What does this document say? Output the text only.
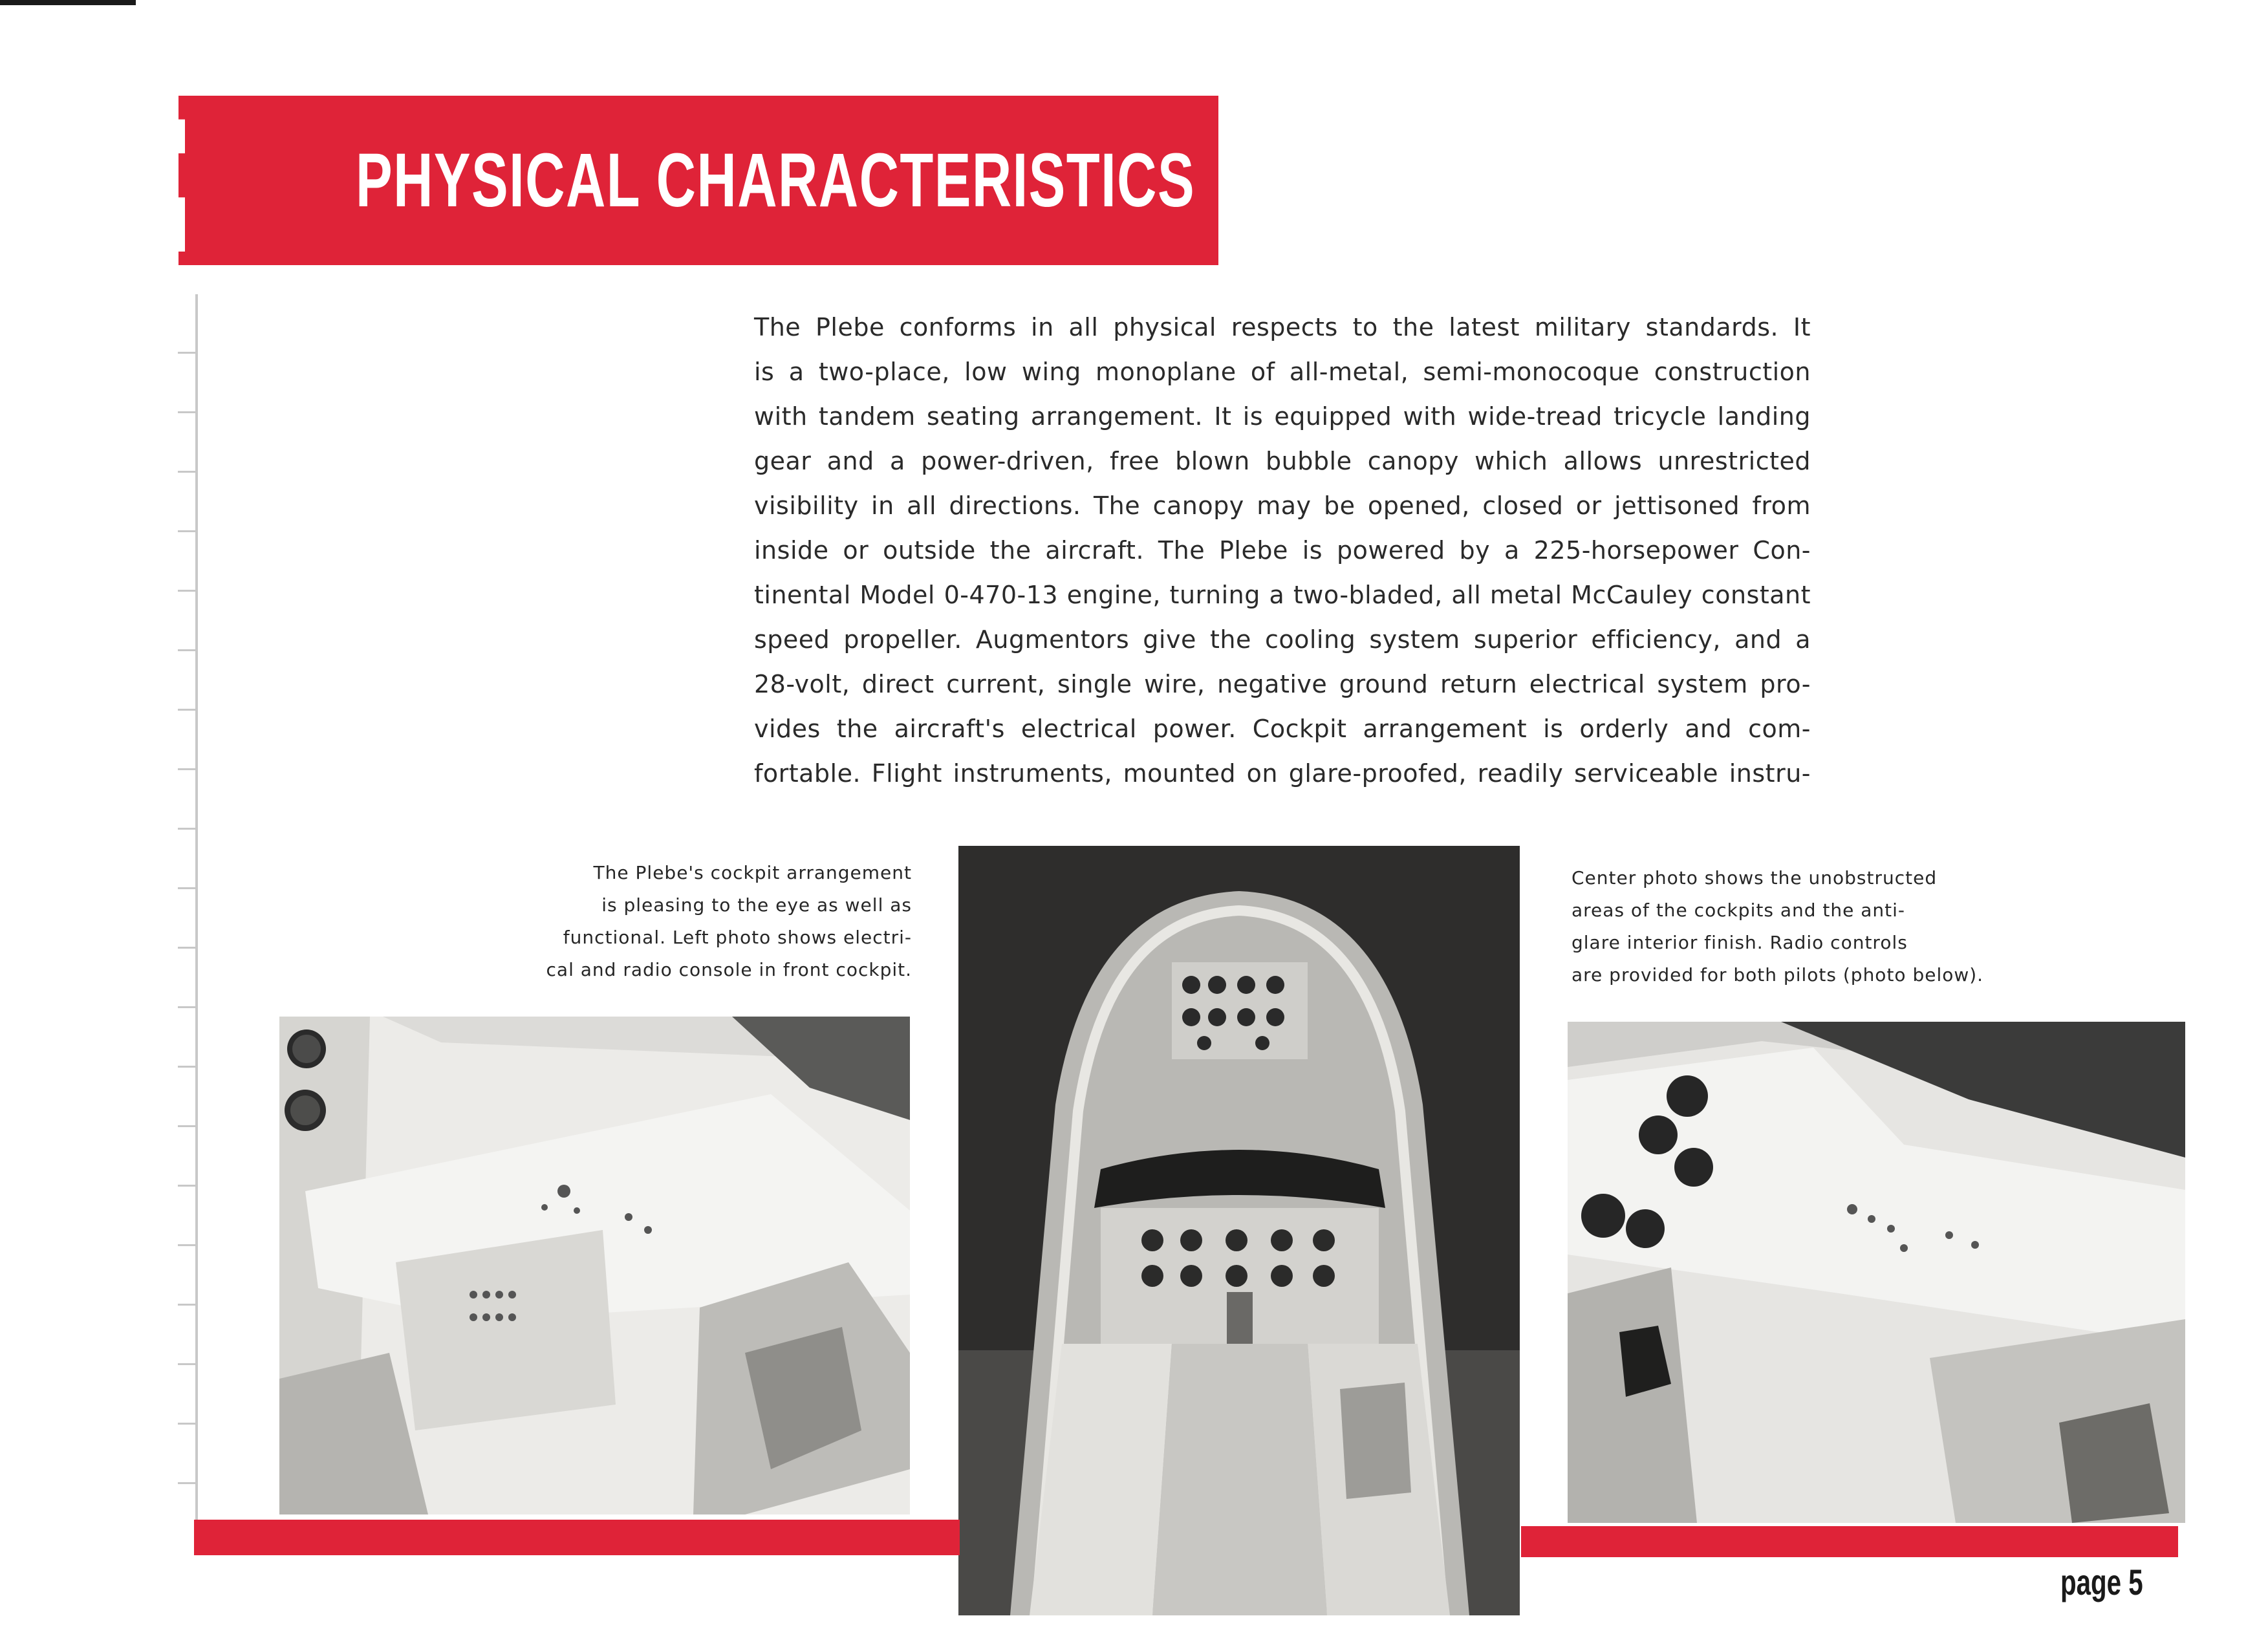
PHYSICAL CHARACTERISTICS
The Plebe conforms in all physical respects to the latest military standards. It
is a two-place, low wing monoplane of all-metal, semi-monocoque construction
with tandem seating arrangement. It is equipped with wide-tread tricycle landing
gear and a power-driven, free blown bubble canopy which allows unrestricted
visibility in all directions. The canopy may be opened, closed or jettisoned from
inside or outside the aircraft. The Plebe is powered by a 225-horsepower Con-
tinental Model 0-470-13 engine, turning a two-bladed, all metal McCauley constant
speed propeller. Augmentors give the cooling system superior efficiency, and a
28-volt, direct current, single wire, negative ground return electrical system pro-
vides the aircraft's electrical power. Cockpit arrangement is orderly and com-
fortable. Flight instruments, mounted on glare-proofed, readily serviceable instru-
The Plebe's cockpit arrangement
is pleasing to the eye as well as
functional. Left photo shows electri-
cal and radio console in front cockpit.
Center photo shows the unobstructed
areas of the cockpits and the anti-
glare interior finish. Radio controls
are provided for both pilots (photo below).
page 5
